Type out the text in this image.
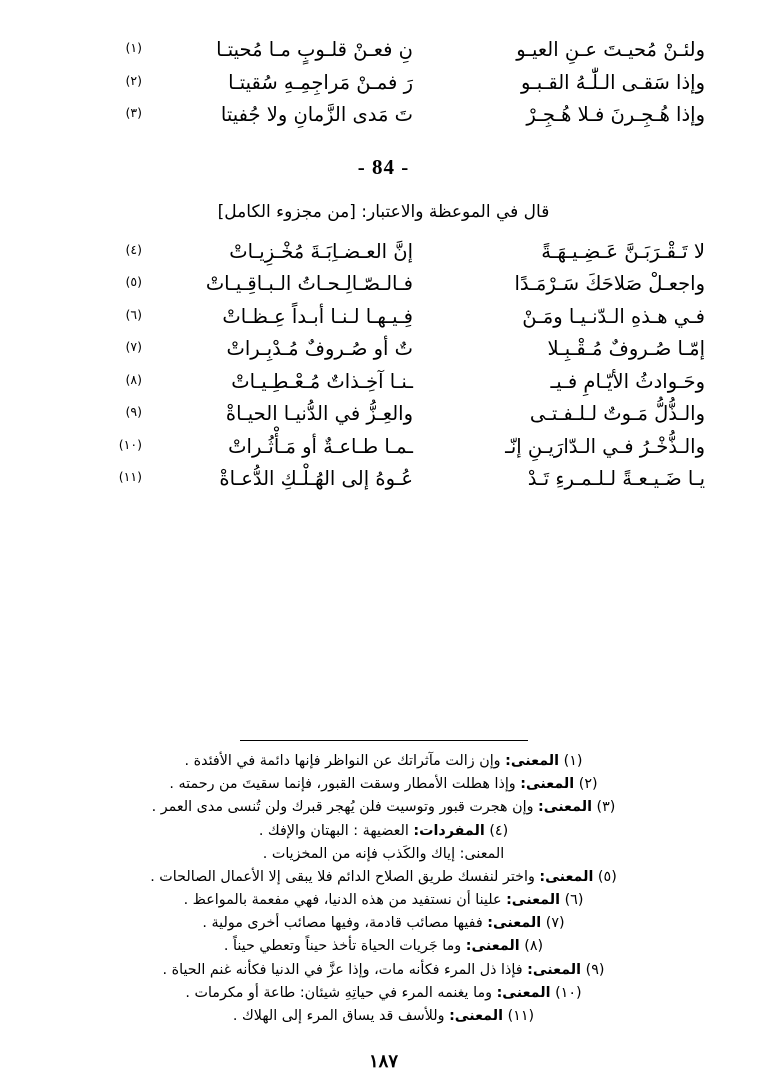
ولئـنْ مُحيـتَ عـنِ العيـو
نِ فعـنْ قلـوبٍ مـا مُحيتـا
(١)
وإذا سَقـى الـلّٰـهُ القـبـو
رَ فمـنْ مَراجِمِـهِ سُقيتـا
(٢)
وإذا هُـجِـرنَ فـلا هُـجِـرْ
تَ مَدى الزَّمانِ ولا جُفيتا
(٣)
- 84 -
قال في الموعظة والاعتبار: [من مجزوء الكامل]
لا تَـقْـرَبَـنَّ عَـضِـيـهَـةً
إنَّ العـضـاِبَـةَ مُخْـزِيـاتْ
(٤)
واجعـلْ صَلاحَكَ سَـرْمَـدًا
فـالـصّـالِـحـاتُ الـبـاقِـيـاتْ
(٥)
فـي هـذهِ الـدّنـيـا ومَـنْ
فِـيـهـا لـنـا أبـداً عِـظـاتْ
(٦)
إمّـا صُـروفٌ مُـقْـبِـلا
تٌ أو صُـروفٌ مُـدْبِـراتْ
(٧)
وحَـوادثُ الأيّـامِ فـيـ
ـنـا آخِـذاتٌ مُـعْـطِـيـاتْ
(٨)
والـذُّلُّ مَـوتٌ لـلـفـتـى
والعِـزُّ في الدُّنيـا الحيـاةْ
(٩)
والـذُّخْـرُ فـي الـدّارَيـنِ إنّـ
ـمـا طـاعـةٌ أو مَـأْثُـراتْ
(١٠)
يـا ضَـيـعـةً لـلـمـرءِ تَـدْ
عُـوهُ إلى الهُـلْـكِ الدُّعـاةْ
(١١)

(١) المعنى: وإن زالت مآثراتك عن النواظر فإنها دائمة في الأفئدة .

(٢) المعنى: وإذا هطلت الأمطار وسقت القبور، فإنما سقيتَ من رحمته .

(٣) المعنى: وإن هجرت قبور وتوسيت فلن يُهجر قبرك ولن تُنسى مدى العمر .

(٤) المفردات: العضيهة : البهتان والإفك .

المعنى: إياك والكَذب فإنه من المخزيات .

(٥) المعنى: واختر لنفسك طريق الصلاح الدائم فلا يبقى إلا الأعمال الصالحات .

(٦) المعنى: علينا أن نستفيد من هذه الدنيا، فهي مفعمة بالمواعظ .

(٧) المعنى: ففيها مصائب قادمة، وفيها مصائب أخرى مولية .

(٨) المعنى: وما جَريات الحياة تأخذ حيناً وتعطي حيناً .

(٩) المعنى: فإذا ذل المرء فكأنه مات، وإذا عزَّ في الدنيا فكأنه غنم الحياة .

(١٠) المعنى: وما يغنمه المرء في حياتِهِ شيئان: طاعة أو مكرمات .

(١١) المعنى: وللأسف قد يساق المرء إلى الهلاك .

١٨٧
